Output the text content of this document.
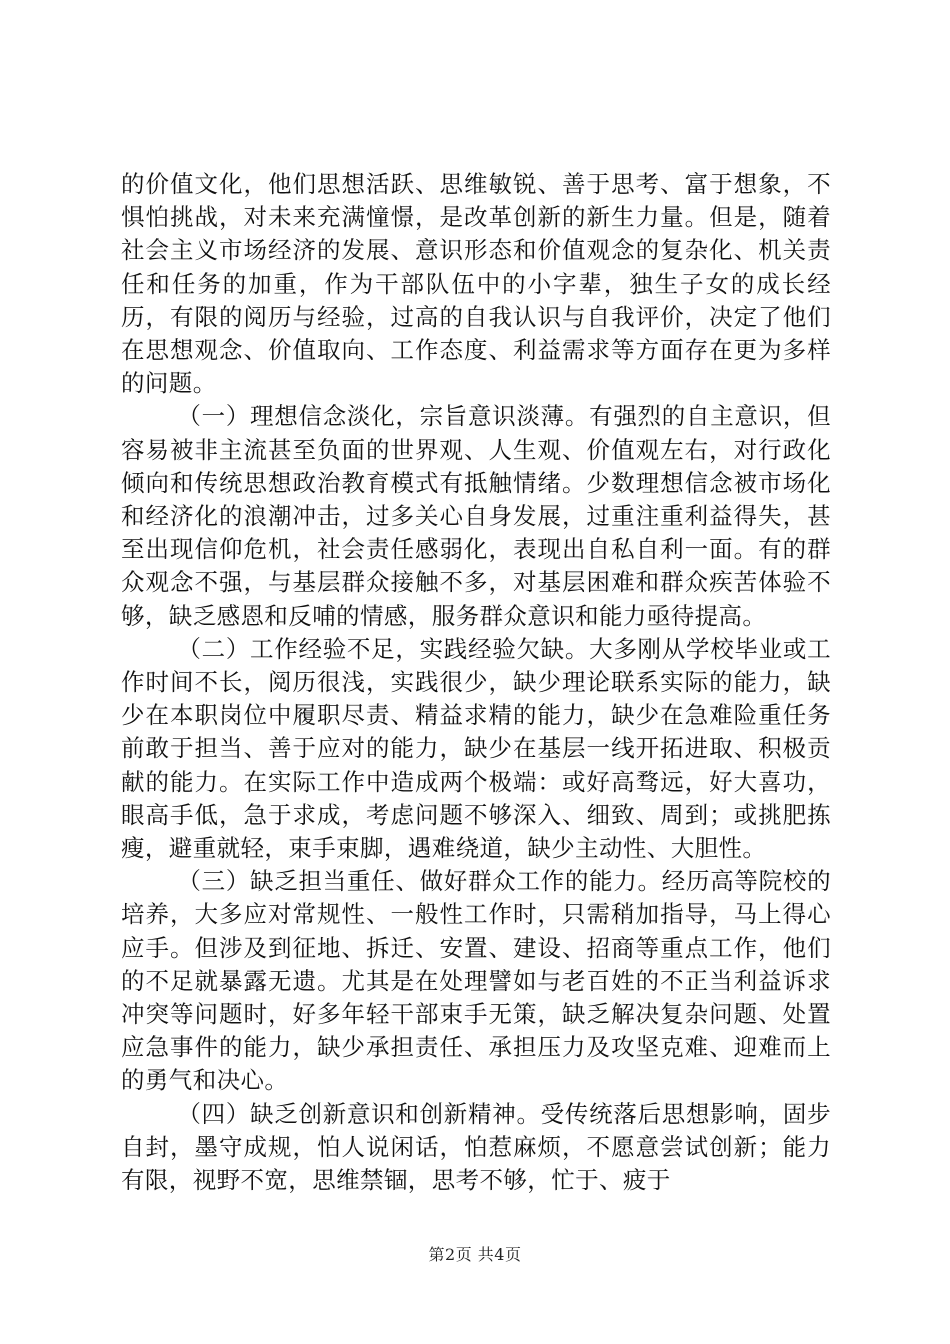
的价值文化，他们思想活跃、思维敏锐、善于思考、富于想象，不惧怕挑战，对未来充满憧憬，是改革创新的新生力量。但是，随着社会主义市场经济的发展、意识形态和价值观念的复杂化、机关责任和任务的加重，作为干部队伍中的小字辈，独生子女的成长经历，有限的阅历与经验，过高的自我认识与自我评价，决定了他们在思想观念、价值取向、工作态度、利益需求等方面存在更为多样的问题。

（一）理想信念淡化，宗旨意识淡薄。有强烈的自主意识，但容易被非主流甚至负面的世界观、人生观、价值观左右，对行政化倾向和传统思想政治教育模式有抵触情绪。少数理想信念被市场化和经济化的浪潮冲击，过多关心自身发展，过重注重利益得失，甚至出现信仰危机，社会责任感弱化，表现出自私自利一面。有的群众观念不强，与基层群众接触不多，对基层困难和群众疾苦体验不够，缺乏感恩和反哺的情感，服务群众意识和能力亟待提高。

（二）工作经验不足，实践经验欠缺。大多刚从学校毕业或工作时间不长，阅历很浅，实践很少，缺少理论联系实际的能力，缺少在本职岗位中履职尽责、精益求精的能力，缺少在急难险重任务前敢于担当、善于应对的能力，缺少在基层一线开拓进取、积极贡献的能力。在实际工作中造成两个极端：或好高骛远，好大喜功，眼高手低，急于求成，考虑问题不够深入、细致、周到；或挑肥拣瘦，避重就轻，束手束脚，遇难绕道，缺少主动性、大胆性。

（三）缺乏担当重任、做好群众工作的能力。经历高等院校的培养，大多应对常规性、一般性工作时，只需稍加指导，马上得心应手。但涉及到征地、拆迁、安置、建设、招商等重点工作，他们的不足就暴露无遗。尤其是在处理譬如与老百姓的不正当利益诉求冲突等问题时，好多年轻干部束手无策，缺乏解决复杂问题、处置应急事件的能力，缺少承担责任、承担压力及攻坚克难、迎难而上的勇气和决心。

（四）缺乏创新意识和创新精神。受传统落后思想影响，固步自封，墨守成规，怕人说闲话，怕惹麻烦，不愿意尝试创新；能力有限，视野不宽，思维禁锢，思考不够，忙于、疲于

第2页 共4页
